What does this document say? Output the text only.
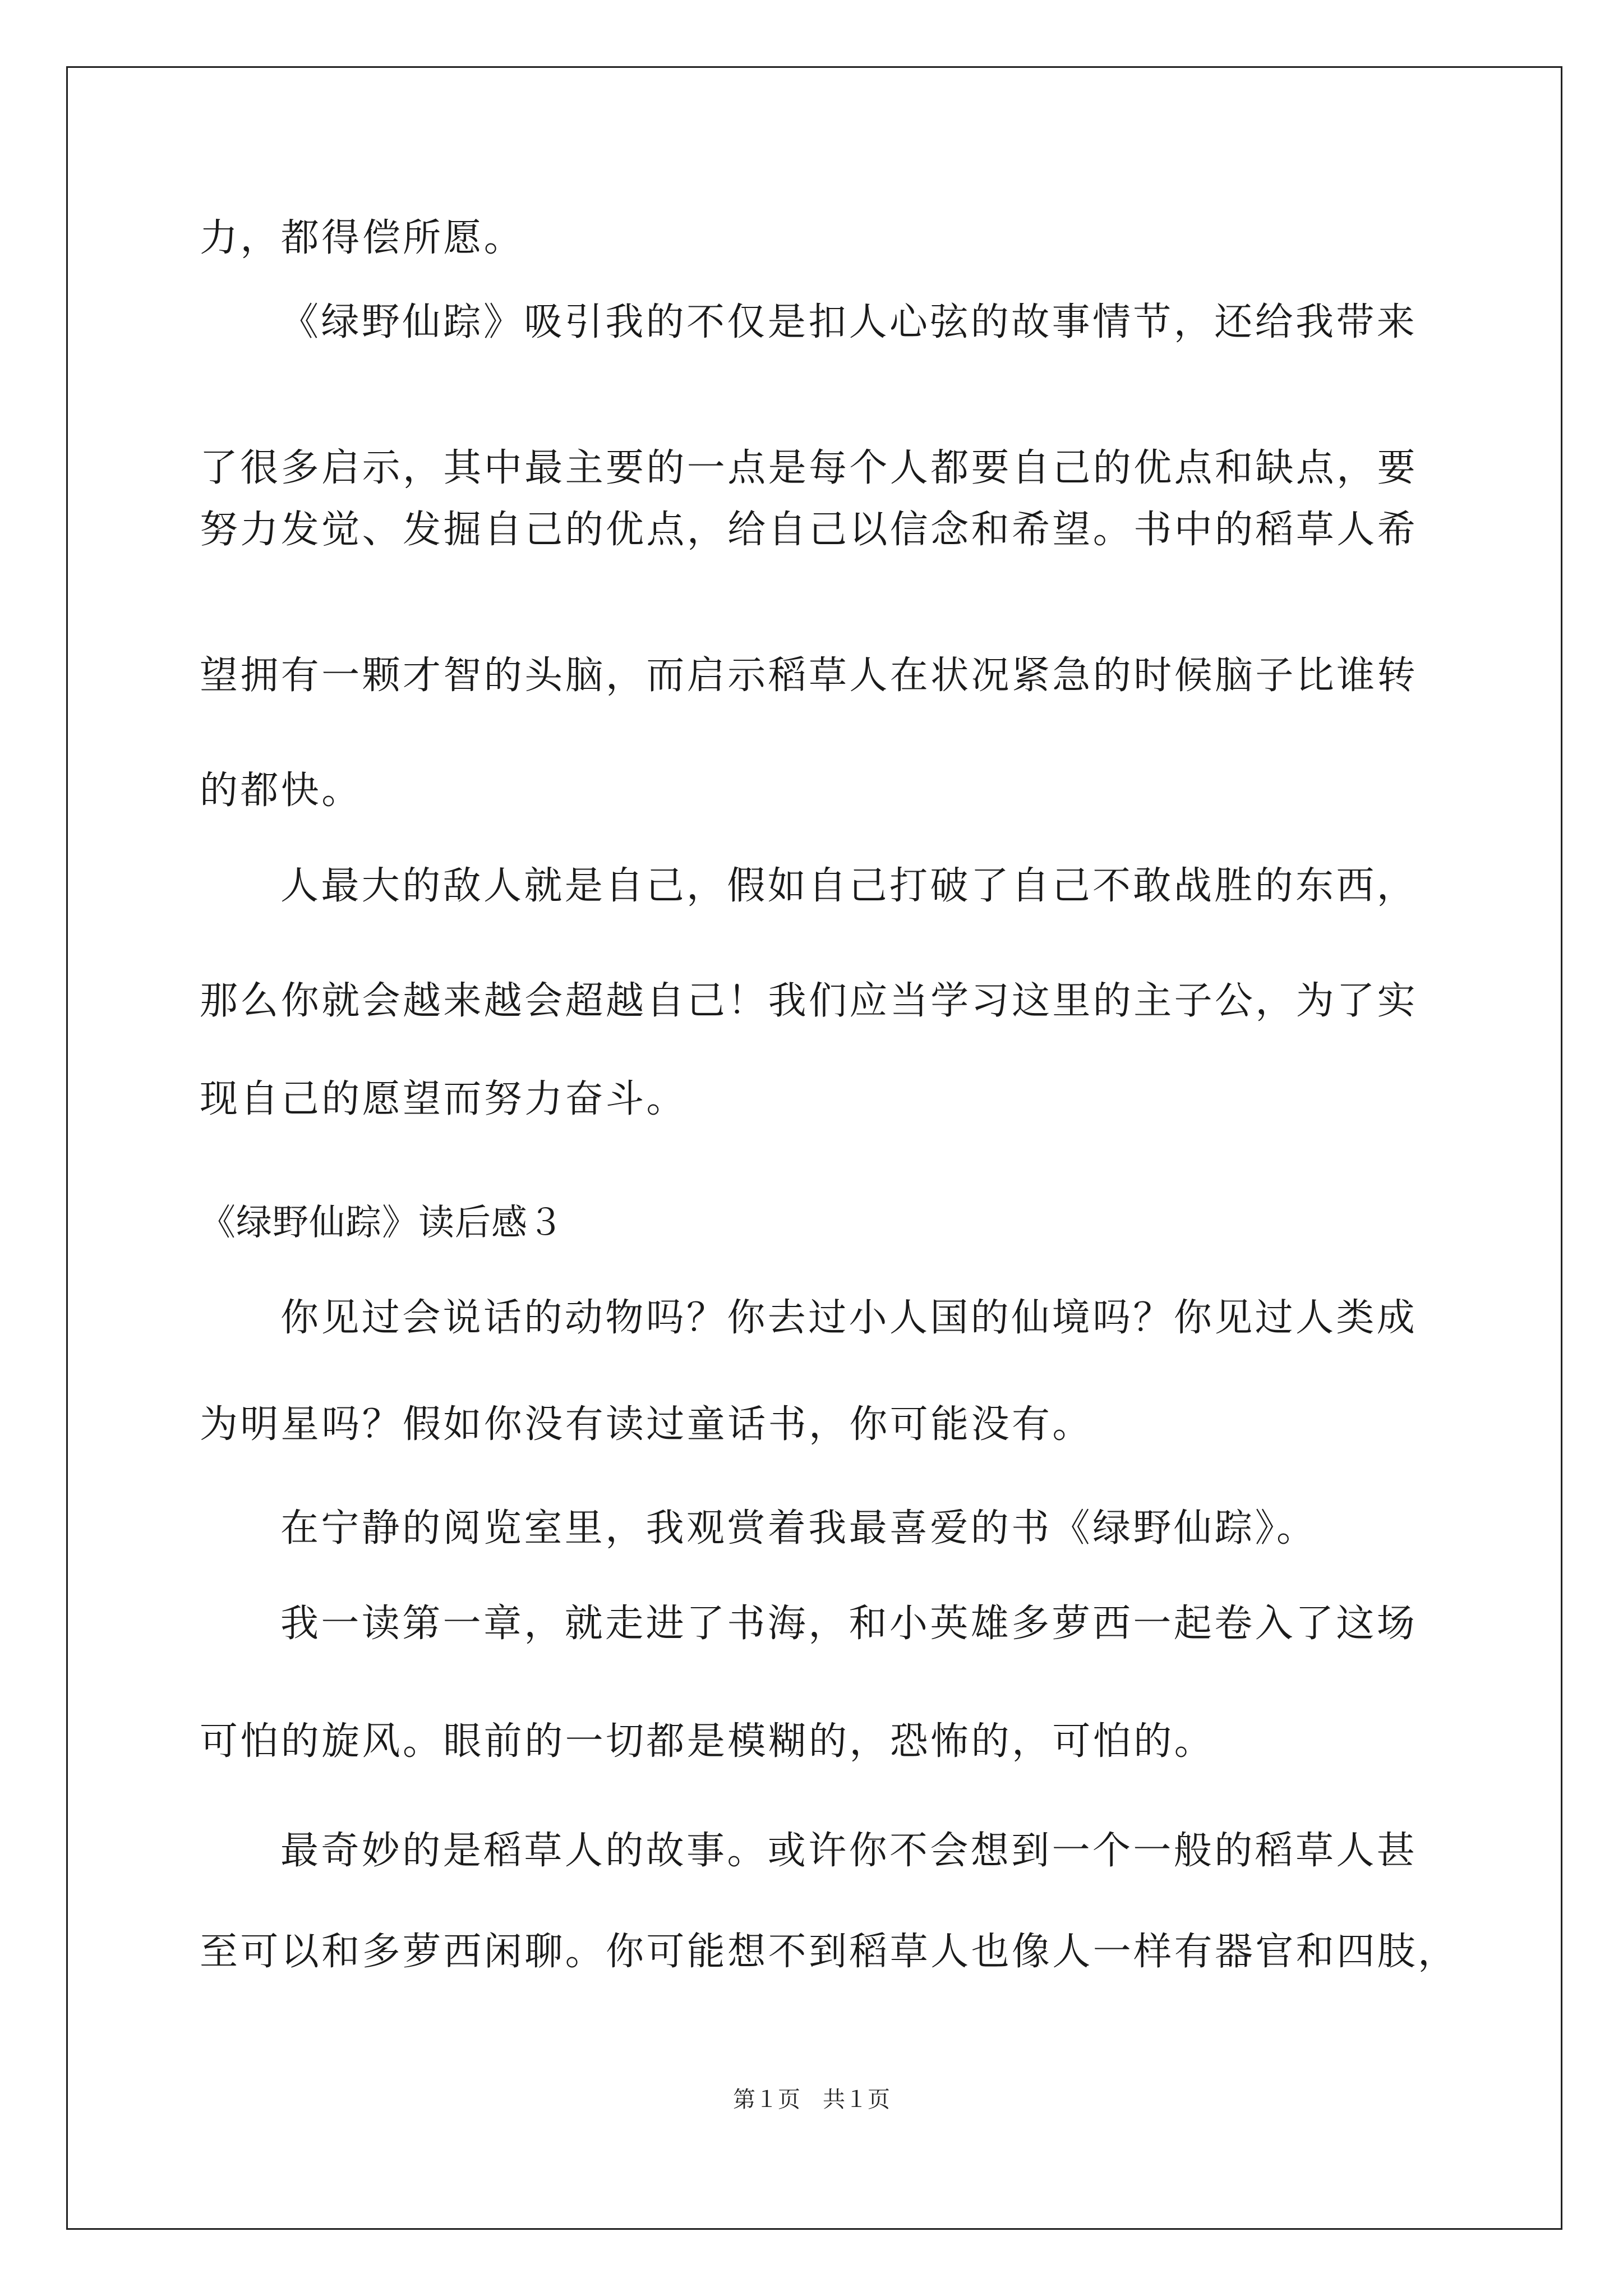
力，都得偿所愿。
《绿野仙踪》吸引我的不仅是扣人心弦的故事情节，还给我带来
了很多启示，其中最主要的一点是每个人都要自己的优点和缺点，要
努力发觉、发掘自己的优点，给自己以信念和希望。书中的稻草人希
望拥有一颗才智的头脑，而启示稻草人在状况紧急的时候脑子比谁转
的都快。
人最大的敌人就是自己，假如自己打破了自己不敢战胜的东西，
那么你就会越来越会超越自己！我们应当学习这里的主子公，为了实
现自己的愿望而努力奋斗。
《绿野仙踪》读后感３
你见过会说话的动物吗？你去过小人国的仙境吗？你见过人类成
为明星吗？假如你没有读过童话书，你可能没有。
在宁静的阅览室里，我观赏着我最喜爱的书《绿野仙踪》。
我一读第一章，就走进了书海，和小英雄多萝西一起卷入了这场
可怕的旋风。眼前的一切都是模糊的，恐怖的，可怕的。
最奇妙的是稻草人的故事。或许你不会想到一个一般的稻草人甚
至可以和多萝西闲聊。你可能想不到稻草人也像人一样有器官和四肢，
第１页　共１页
